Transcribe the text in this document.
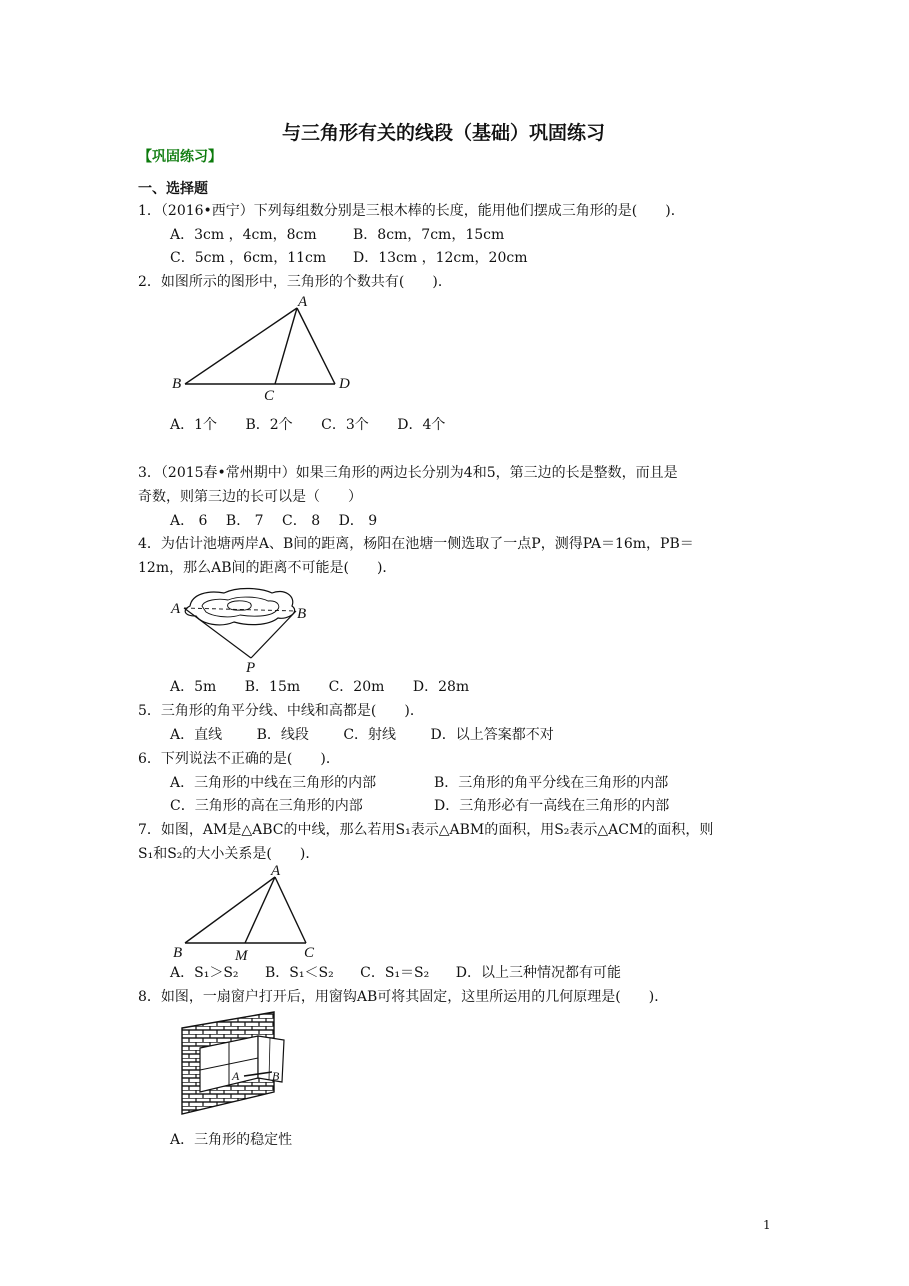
与三角形有关的线段（基础）巩固练习
【巩固练习】
一、选择题
1．（2016•西宁）下列每组数分别是三根木棒的长度，能用他们摆成三角形的是(　　)．
A．3cm ，4cm，8cm	B．8cm，7cm，15cm
C．5cm ，6cm，11cm D．13cm ，12cm，20cm
2．如图所示的图形中，三角形的个数共有(　　)．
A
B
C
D
A．1个 B．2个 C．3个 D．4个
3．（2015春•常州期中）如果三角形的两边长分别为4和5，第三边的长是整数，而且是
奇数，则第三边的长可以是（　　）
A． 6 B． 7 C． 8 D． 9
4．为估计池塘两岸A、B间的距离，杨阳在池塘一侧选取了一点P，测得PA＝16m，PB＝
12m，那么AB间的距离不可能是(　　)．
A	B
P
A．5m B．15m C．20m D．28m
5．三角形的角平分线、中线和高都是(　　)．
A．直线 B．线段 C．射线 D．以上答案都不对
6．下列说法不正确的是(　　)．
A．三角形的中线在三角形的内部	B．三角形的角平分线在三角形的内部
C．三角形的高在三角形的内部	D．三角形必有一高线在三角形的内部
7．如图，AM是△ABC的中线，那么若用S₁表示△ABM的面积，用S₂表示△ACM的面积，则
S₁和S₂的大小关系是(　　)．
A
B	M	C
A．S₁＞S₂ B．S₁＜S₂ C．S₁＝S₂ D．以上三种情况都有可能
8．如图，一扇窗户打开后，用窗钩AB可将其固定，这里所运用的几何原理是(　　)．
A	B
A．三角形的稳定性
1
